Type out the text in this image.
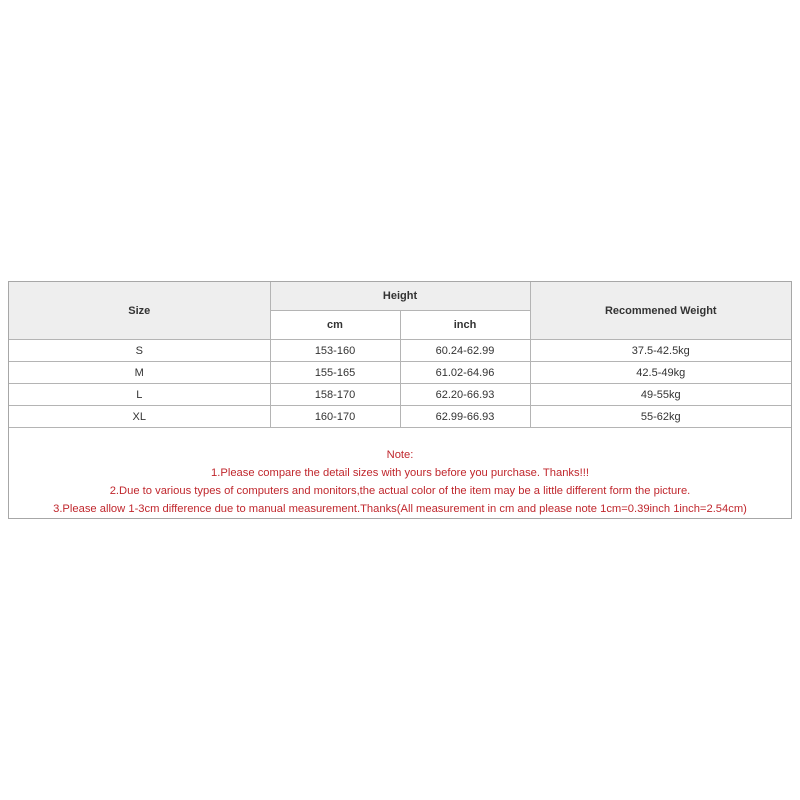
Size	Height		Recommened Weight
	cm	inch	
S	153-160	60.24-62.99	37.5-42.5kg
M	155-165	61.02-64.96	42.5-49kg
L	158-170	62.20-66.93	49-55kg
XL	160-170	62.99-66.93	55-62kg
Note:
1.Please compare the detail sizes with yours before you purchase. Thanks!!!
2.Due to various types of computers and monitors,the actual color of the item may be a little different form the picture.
3.Please allow 1-3cm difference due to manual measurement.Thanks(All measurement in cm and please note 1cm=0.39inch 1inch=2.54cm)
